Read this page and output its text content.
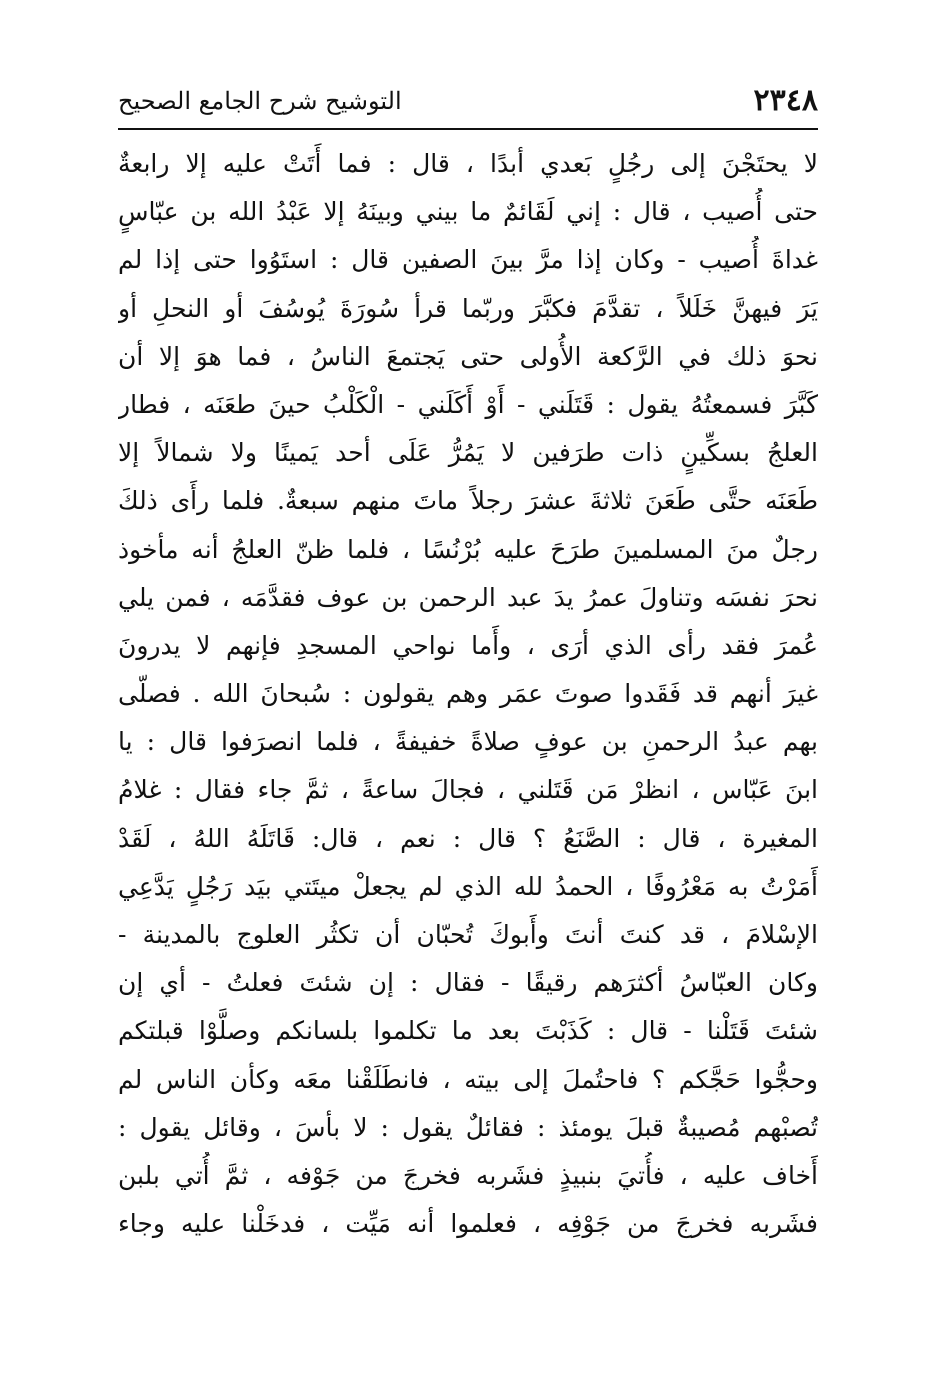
٢٣٤٨
التوشيح شرح الجامع الصحيح
لا يحتَجْنَ إلى رجُلٍ بَعدي أبدًا ، قال : فما أَتَتْ عليه إلا رابعةٌ
حتى أُصيب ، قال : إني لَقَائمٌ ما بيني وبينَهُ إلا عَبْدُ الله بن عبّاسٍ
غداةَ أُصيب - وكان إذا مرَّ بينَ الصفين قال : استَوُوا حتى إذا لم
يَرَ فيهنَّ خَلَلاً ، تقدَّمَ فكبَّرَ وربّما قرأ سُورَةَ يُوسُفَ أو النحلِ أو
نحوَ ذلك في الرَّكعة الأُولى حتى يَجتمعَ الناسُ ، فما هوَ إلا أن
كَبَّرَ فسمعتُهُ يقول : قَتَلَني - أَوْ أَكَلَني - الْكَلْبُ حينَ طعَنَه ، فطار
العلجُ بسكِّينٍ ذات طرَفين لا يَمُرُّ عَلَى أحد يَمينًا ولا شمالاً إلا
طَعَنَه حتَّى طَعَنَ ثلاثةَ عشرَ رجلاً ماتَ منهم سبعةٌ. فلما رأَى ذلكَ
رجلٌ منَ المسلمينَ طرَحَ عليه بُرْنُسًا ، فلما ظنّ العلجُ أنه مأخوذ
نحرَ نفسَه وتناولَ عمرُ يدَ عبد الرحمن بن عوف فقدَّمَه ، فمن يلي
عُمرَ فقد رأى الذي أرَى ، وأَما نواحي المسجدِ فإنهم لا يدرونَ
غيرَ أنهم قد فَقَدوا صوتَ عمَر وهم يقولون : سُبحانَ الله . فصلّى
بهم عبدُ الرحمنِ بن عوفٍ صلاةً خفيفةً ، فلما انصرَفوا قال : يا
ابنَ عَبّاس ، انظرْ مَن قَتَلني ، فجالَ ساعةً ، ثمَّ جاء فقال : غلامُ
المغيرة ، قال : الصَّنَعُ ؟ قال : نعم ، قال: قَاتَلَهُ اللهُ ، لَقَدْ
أَمَرْتُ به مَعْرُوفًا ، الحمدُ لله الذي لم يجعلْ ميتَتي بيَد رَجُلٍ يَدَّعِي
الإسْلامَ ، قد كنتَ أنتَ وأَبوكَ تُحبّان أن تكثُر العلوج بالمدينة -
وكان العبّاسُ أكثرَهم رقيقًا - فقال : إن شئتَ فعلتُ - أي إن
شئتَ قَتَلْنا - قال : كَذَبْتَ بعد ما تكلموا بلسانكم وصلَّوْا قبلتكم
وحجُّوا حَجَّكم ؟ فاحتُملَ إلى بيته ، فانطَلَقْنا معَه وكأن الناس لم
تُصبْهم مُصيبةٌ قبلَ يومئذ : فقائلٌ يقول : لا بأسَ ، وقائل يقول :
أَخاف عليه ، فأُتيَ بنبيذٍ فشَربه فخرجَ من جَوْفه ، ثمَّ أُتي بلبن
فشَربه فخرجَ من جَوْفِه ، فعلموا أنه مَيِّت ، فدخَلْنا عليه وجاء
